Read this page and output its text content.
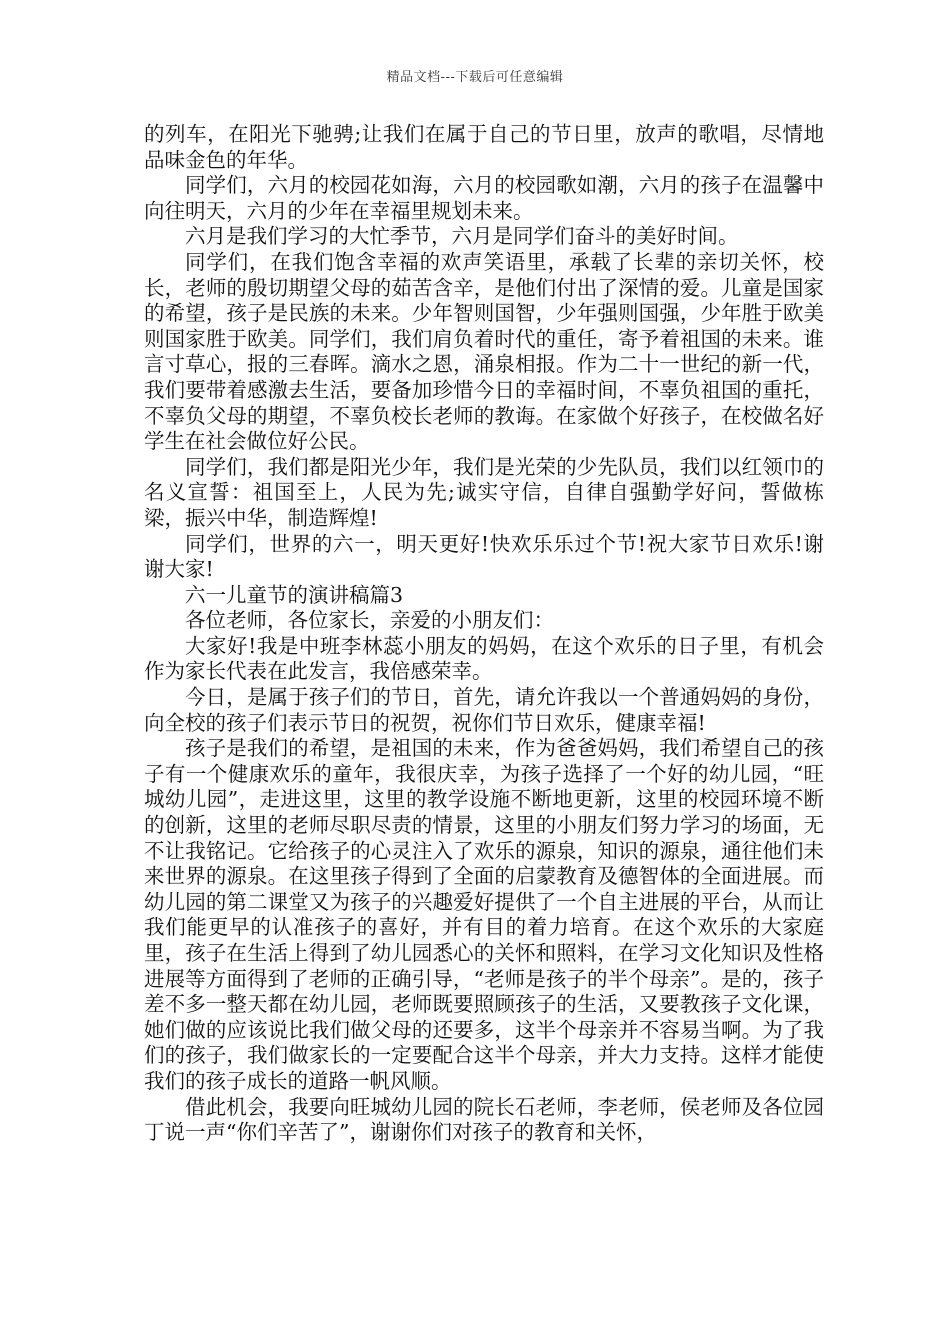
精品文档---下载后可任意编辑

的列车，在阳光下驰骋;让我们在属于自己的节日里，放声的歌唱，尽情地品味金色的年华。

同学们，六月的校园花如海，六月的校园歌如潮，六月的孩子在温馨中向往明天，六月的少年在幸福里规划未来。

六月是我们学习的大忙季节，六月是同学们奋斗的美好时间。

同学们，在我们饱含幸福的欢声笑语里，承载了长辈的亲切关怀，校长，老师的殷切期望父母的茹苦含辛，是他们付出了深情的爱。儿童是国家的希望，孩子是民族的未来。少年智则国智，少年强则国强，少年胜于欧美则国家胜于欧美。同学们，我们肩负着时代的重任，寄予着祖国的未来。谁言寸草心，报的三春晖。滴水之恩，涌泉相报。作为二十一世纪的新一代，我们要带着感激去生活，要备加珍惜今日的幸福时间，不辜负祖国的重托，不辜负父母的期望，不辜负校长老师的教诲。在家做个好孩子，在校做名好学生在社会做位好公民。

同学们，我们都是阳光少年，我们是光荣的少先队员，我们以红领巾的名义宣誓：祖国至上，人民为先;诚实守信，自律自强勤学好问，誓做栋梁，振兴中华，制造辉煌!

同学们，世界的六一，明天更好!快欢乐乐过个节!祝大家节日欢乐!谢谢大家!

六一儿童节的演讲稿篇3

各位老师，各位家长，亲爱的小朋友们：

大家好!我是中班李林蕊小朋友的妈妈，在这个欢乐的日子里，有机会作为家长代表在此发言，我倍感荣幸。

今日，是属于孩子们的节日，首先，请允许我以一个普通妈妈的身份，向全校的孩子们表示节日的祝贺，祝你们节日欢乐，健康幸福!

孩子是我们的希望，是祖国的未来，作为爸爸妈妈，我们希望自己的孩子有一个健康欢乐的童年，我很庆幸，为孩子选择了一个好的幼儿园，“旺城幼儿园”，走进这里，这里的教学设施不断地更新，这里的校园环境不断的创新，这里的老师尽职尽责的情景，这里的小朋友们努力学习的场面，无不让我铭记。它给孩子的心灵注入了欢乐的源泉，知识的源泉，通往他们未来世界的源泉。在这里孩子得到了全面的启蒙教育及德智体的全面进展。而幼儿园的第二课堂又为孩子的兴趣爱好提供了一个自主进展的平台，从而让我们能更早的认准孩子的喜好，并有目的着力培育。在这个欢乐的大家庭里，孩子在生活上得到了幼儿园悉心的关怀和照料，在学习文化知识及性格进展等方面得到了老师的正确引导，“老师是孩子的半个母亲”。是的，孩子差不多一整天都在幼儿园，老师既要照顾孩子的生活，又要教孩子文化课，她们做的应该说比我们做父母的还要多，这半个母亲并不容易当啊。为了我们的孩子，我们做家长的一定要配合这半个母亲，并大力支持。这样才能使我们的孩子成长的道路一帆风顺。

借此机会，我要向旺城幼儿园的院长石老师，李老师，侯老师及各位园丁说一声“你们辛苦了”，谢谢你们对孩子的教育和关怀，
